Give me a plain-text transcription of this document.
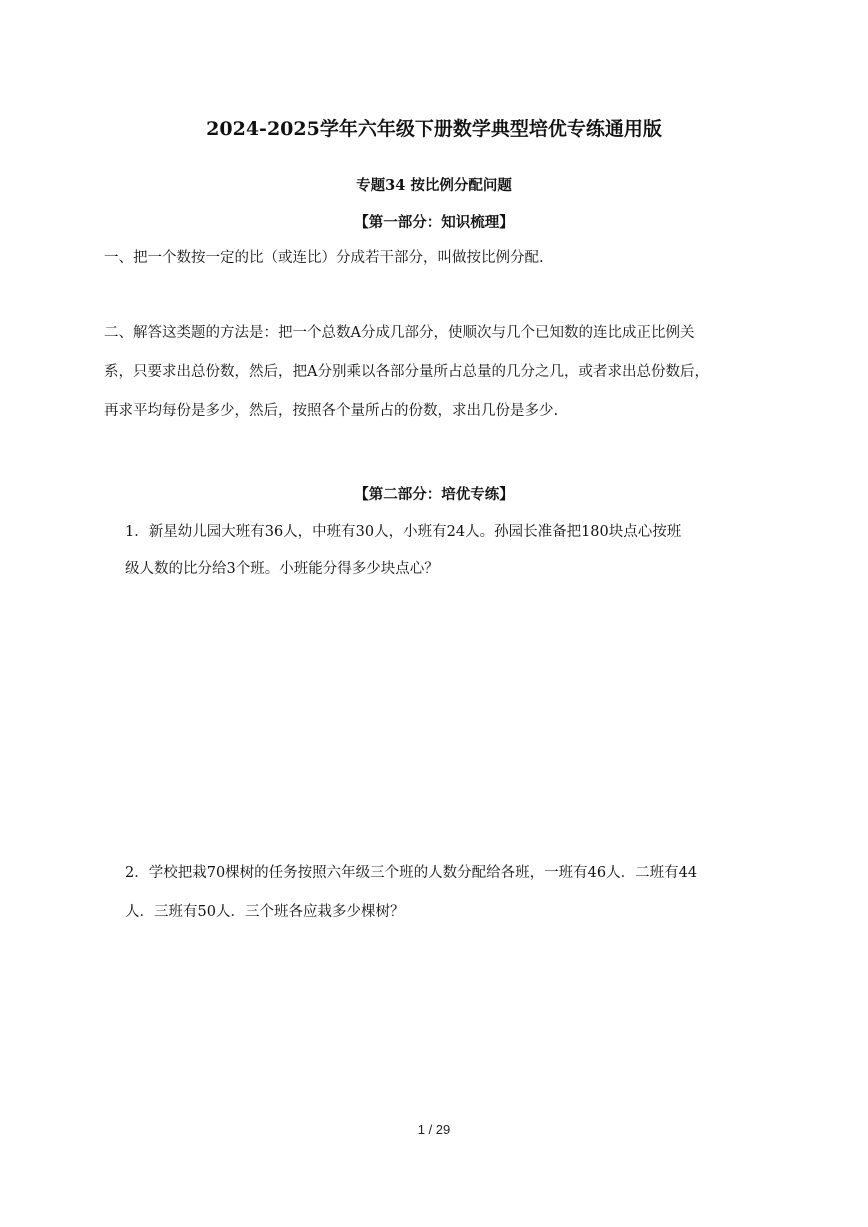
2024-2025学年六年级下册数学典型培优专练通用版
专题34 按比例分配问题
【第一部分：知识梳理】
一、把一个数按一定的比（或连比）分成若干部分，叫做按比例分配.
二、解答这类题的方法是：把一个总数A分成几部分，使顺次与几个已知数的连比成正比例关
系，只要求出总份数，然后，把A分别乘以各部分量所占总量的几分之几，或者求出总份数后，
再求平均每份是多少，然后，按照各个量所占的份数，求出几份是多少.
【第二部分：培优专练】
1．新星幼儿园大班有36人，中班有30人，小班有24人。孙园长准备把180块点心按班
级人数的比分给3个班。小班能分得多少块点心？
2．学校把栽70棵树的任务按照六年级三个班的人数分配给各班，一班有46人．二班有44
人．三班有50人．三个班各应栽多少棵树？
1 / 29
